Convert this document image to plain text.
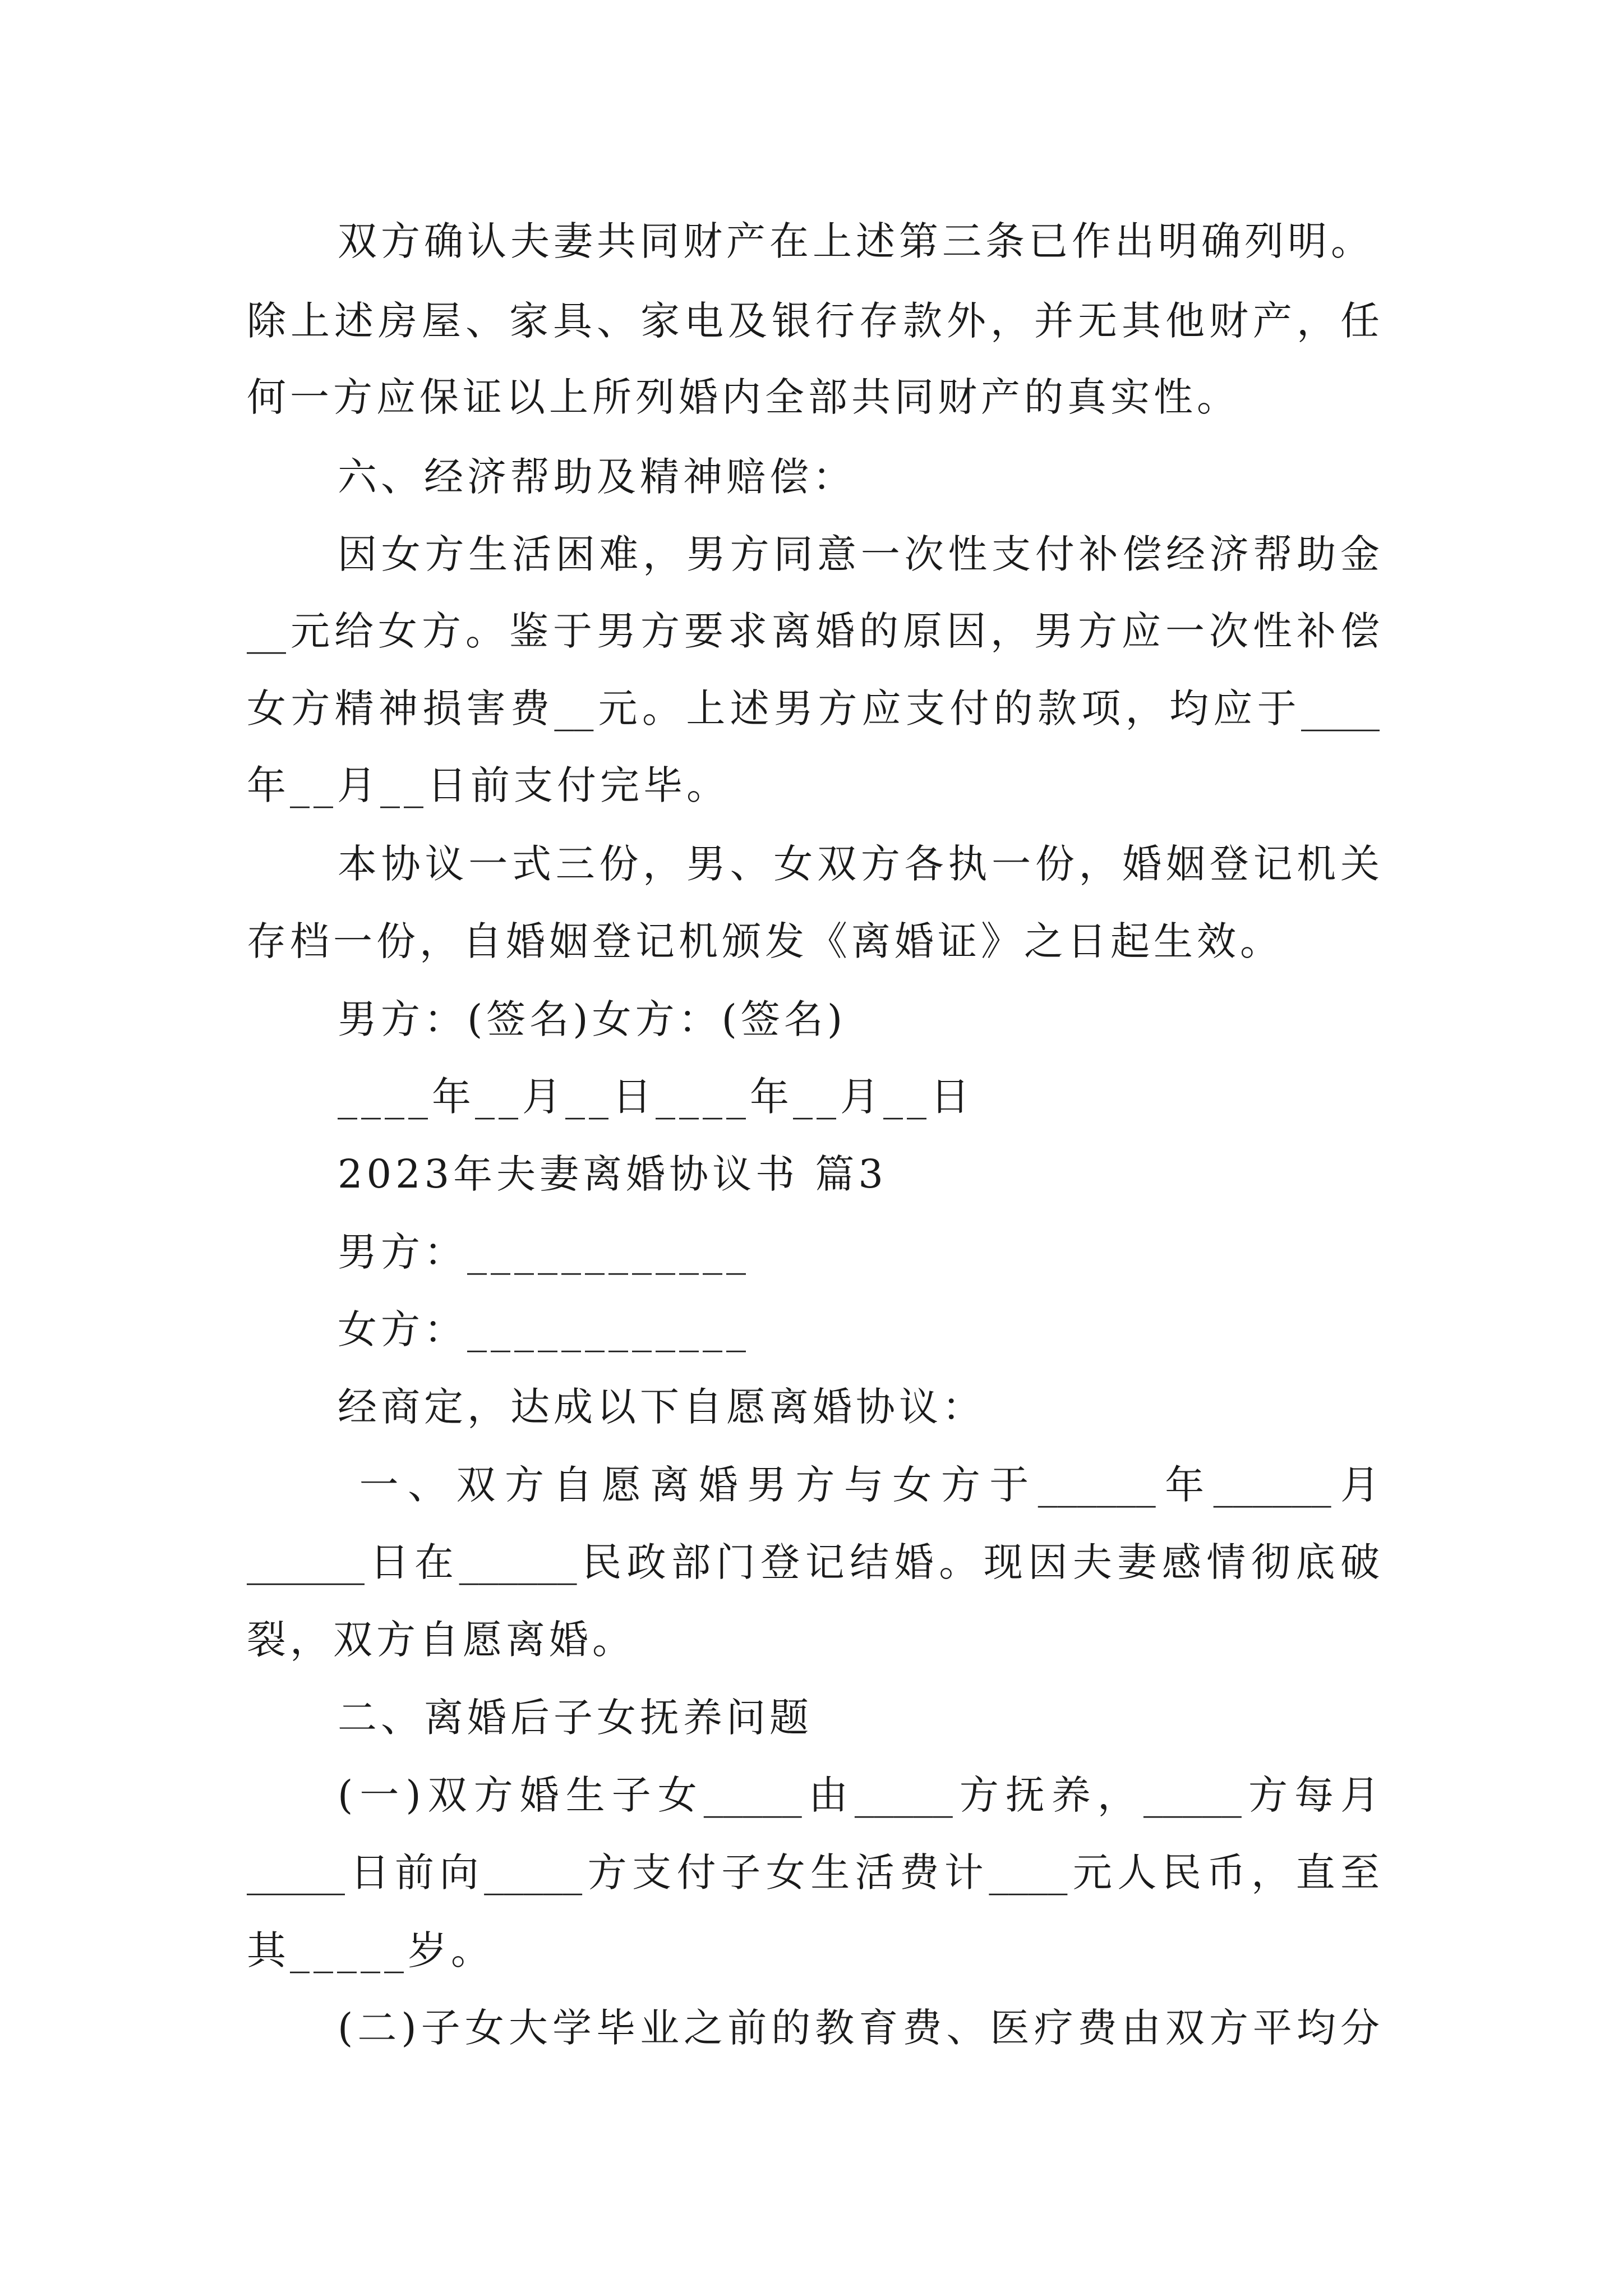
双方确认夫妻共同财产在上述第三条已作出明确列明。
除上述房屋、家具、家电及银行存款外，并无其他财产，任
何一方应保证以上所列婚内全部共同财产的真实性。
六、经济帮助及精神赔偿：
因女方生活困难，男方同意一次性支付补偿经济帮助金
__元给女方。鉴于男方要求离婚的原因，男方应一次性补偿
女方精神损害费__元。上述男方应支付的款项，均应于____
年__月__日前支付完毕。
本协议一式三份，男、女双方各执一份，婚姻登记机关
存档一份，自婚姻登记机颁发《离婚证》之日起生效。
男方：(签名)女方：(签名)
____年__月__日____年__月__日
2023年夫妻离婚协议书 篇3
男方：____________
女方：____________
经商定，达成以下自愿离婚协议：
一、双方自愿离婚男方与女方于______年______月
______日在______民政部门登记结婚。现因夫妻感情彻底破
裂，双方自愿离婚。
二、离婚后子女抚养问题
(一)双方婚生子女_____由_____方抚养，_____方每月
_____日前向_____方支付子女生活费计____元人民币，直至
其_____岁。
(二)子女大学毕业之前的教育费、医疗费由双方平均分
